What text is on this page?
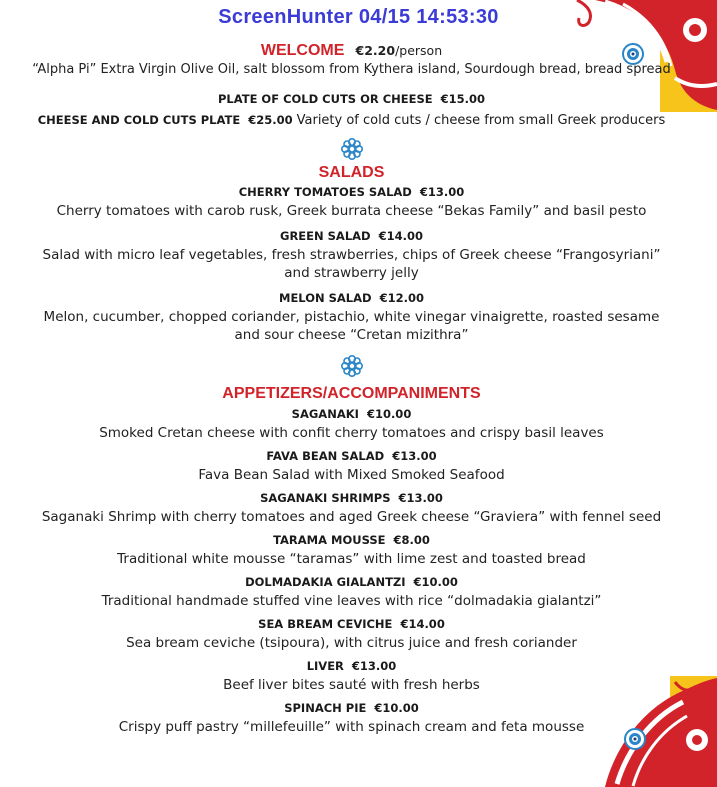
ScreenHunter 04/15 14:53:30
WELCOME €2.20/person
“Alpha Pi” Extra Virgin Olive Oil, salt blossom from Kythera island, Sourdough bread, bread spread
PLATE OF COLD CUTS OR CHEESE €15.00
CHEESE AND COLD CUTS PLATE €25.00 Variety of cold cuts / cheese from small Greek producers
SALADS
CHERRY TOMATOES SALAD €13.00
Cherry tomatoes with carob rusk, Greek burrata cheese “Bekas Family” and basil pesto
GREEN SALAD €14.00
Salad with micro leaf vegetables, fresh strawberries, chips of Greek cheese “Frangosyriani”
and strawberry jelly
MELON SALAD €12.00
Melon, cucumber, chopped coriander, pistachio, white vinegar vinaigrette, roasted sesame
and sour cheese “Cretan mizithra”
APPETIZERS/ACCOMPANIMENTS
SAGANAKI €10.00
Smoked Cretan cheese with confit cherry tomatoes and crispy basil leaves
FAVA BEAN SALAD €13.00
Fava Bean Salad with Mixed Smoked Seafood
SAGANAKI SHRIMPS €13.00
Saganaki Shrimp with cherry tomatoes and aged Greek cheese “Graviera” with fennel seed
TARAMA MOUSSE €8.00
Traditional white mousse “taramas” with lime zest and toasted bread
DOLMADAKIA GIALANTZI €10.00
Traditional handmade stuffed vine leaves with rice “dolmadakia gialantzi”
SEA BREAM CEVICHE €14.00
Sea bream ceviche (tsipoura), with citrus juice and fresh coriander
LIVER €13.00
Beef liver bites sauté with fresh herbs
SPINACH PIE €10.00
Crispy puff pastry “millefeuille” with spinach cream and feta mousse
